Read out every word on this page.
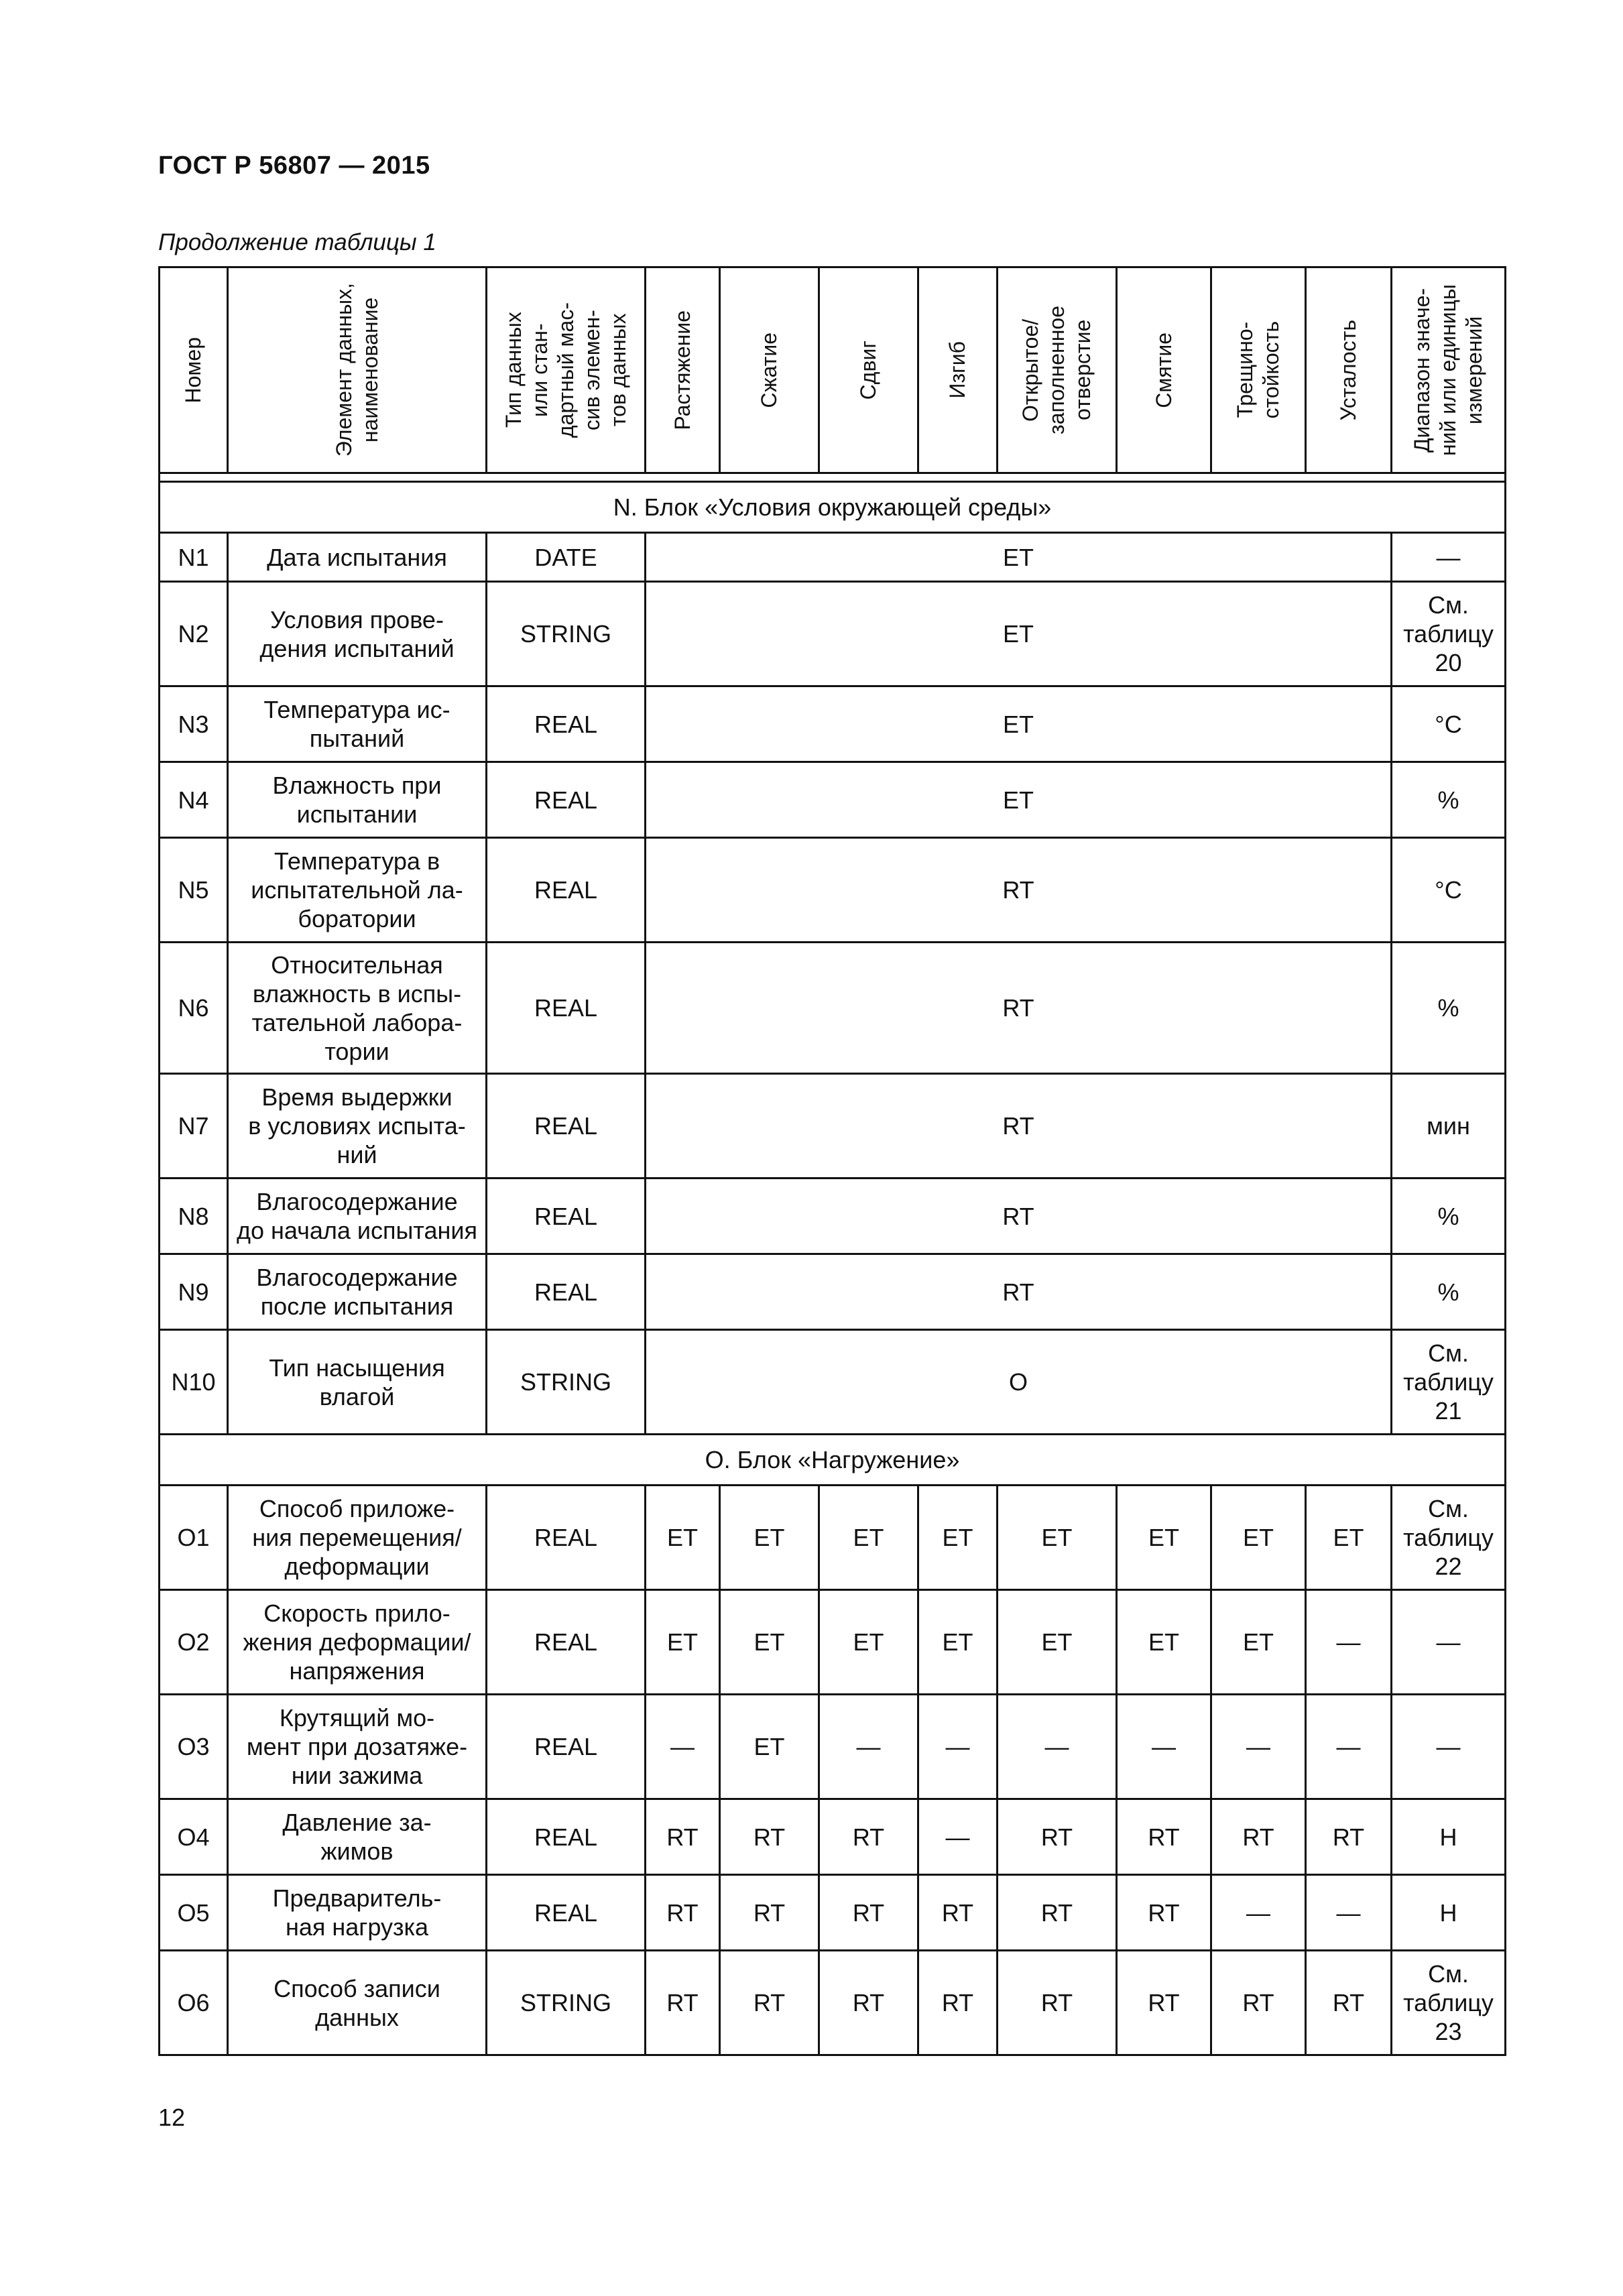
ГОСТ Р 56807 — 2015
Продолжение таблицы 1
Номер	Элемент данных,
наименование	Тип данных
или стан-
дартный мас-
сив элемен-
тов данных	Растяжение	Сжатие	Сдвиг	Изгиб	Открытое/
заполненное
отверстие	Смятие	Трещино-
стойкость	Усталость	Диапазон значе-
ний или единицы
измерений

N. Блок «Условия окружающей среды»											
N1	Дата испытания	DATE	ET								—
N2	Условия прове-
дения испытаний	STRING	ET								См.
таблицу
20
N3	Температура ис-
пытаний	REAL	ET								°С
N4	Влажность при
испытании	REAL	ET								%
N5	Температура в
испытательной ла-
боратории	REAL	RT								°С
N6	Относительная
влажность в испы-
тательной лабора-
тории	REAL	RT								%
N7	Время выдержки
в условиях испыта-
ний	REAL	RT								мин
N8	Влагосодержание
до начала испытания	REAL	RT								%
N9	Влагосодержание
после испытания	REAL	RT								%
N10	Тип насыщения
влагой	STRING	O								См.
таблицу
21
O. Блок «Нагружение»											
O1	Способ приложе-
ния перемещения/
деформации	REAL	ET	ET	ET	ET	ET	ET	ET	ET	См.
таблицу
22
O2	Скорость прило-
жения деформации/
напряжения	REAL	ET	ET	ET	ET	ET	ET	ET	—	—
O3	Крутящий мо-
мент при дозатяже-
нии зажима	REAL	—	ET	—	—	—	—	—	—	—
O4	Давление за-
жимов	REAL	RT	RT	RT	—	RT	RT	RT	RT	Н
O5	Предваритель-
ная нагрузка	REAL	RT	RT	RT	RT	RT	RT	—	—	Н
O6	Способ записи
данных	STRING	RT	RT	RT	RT	RT	RT	RT	RT	См.
таблицу
23
12
